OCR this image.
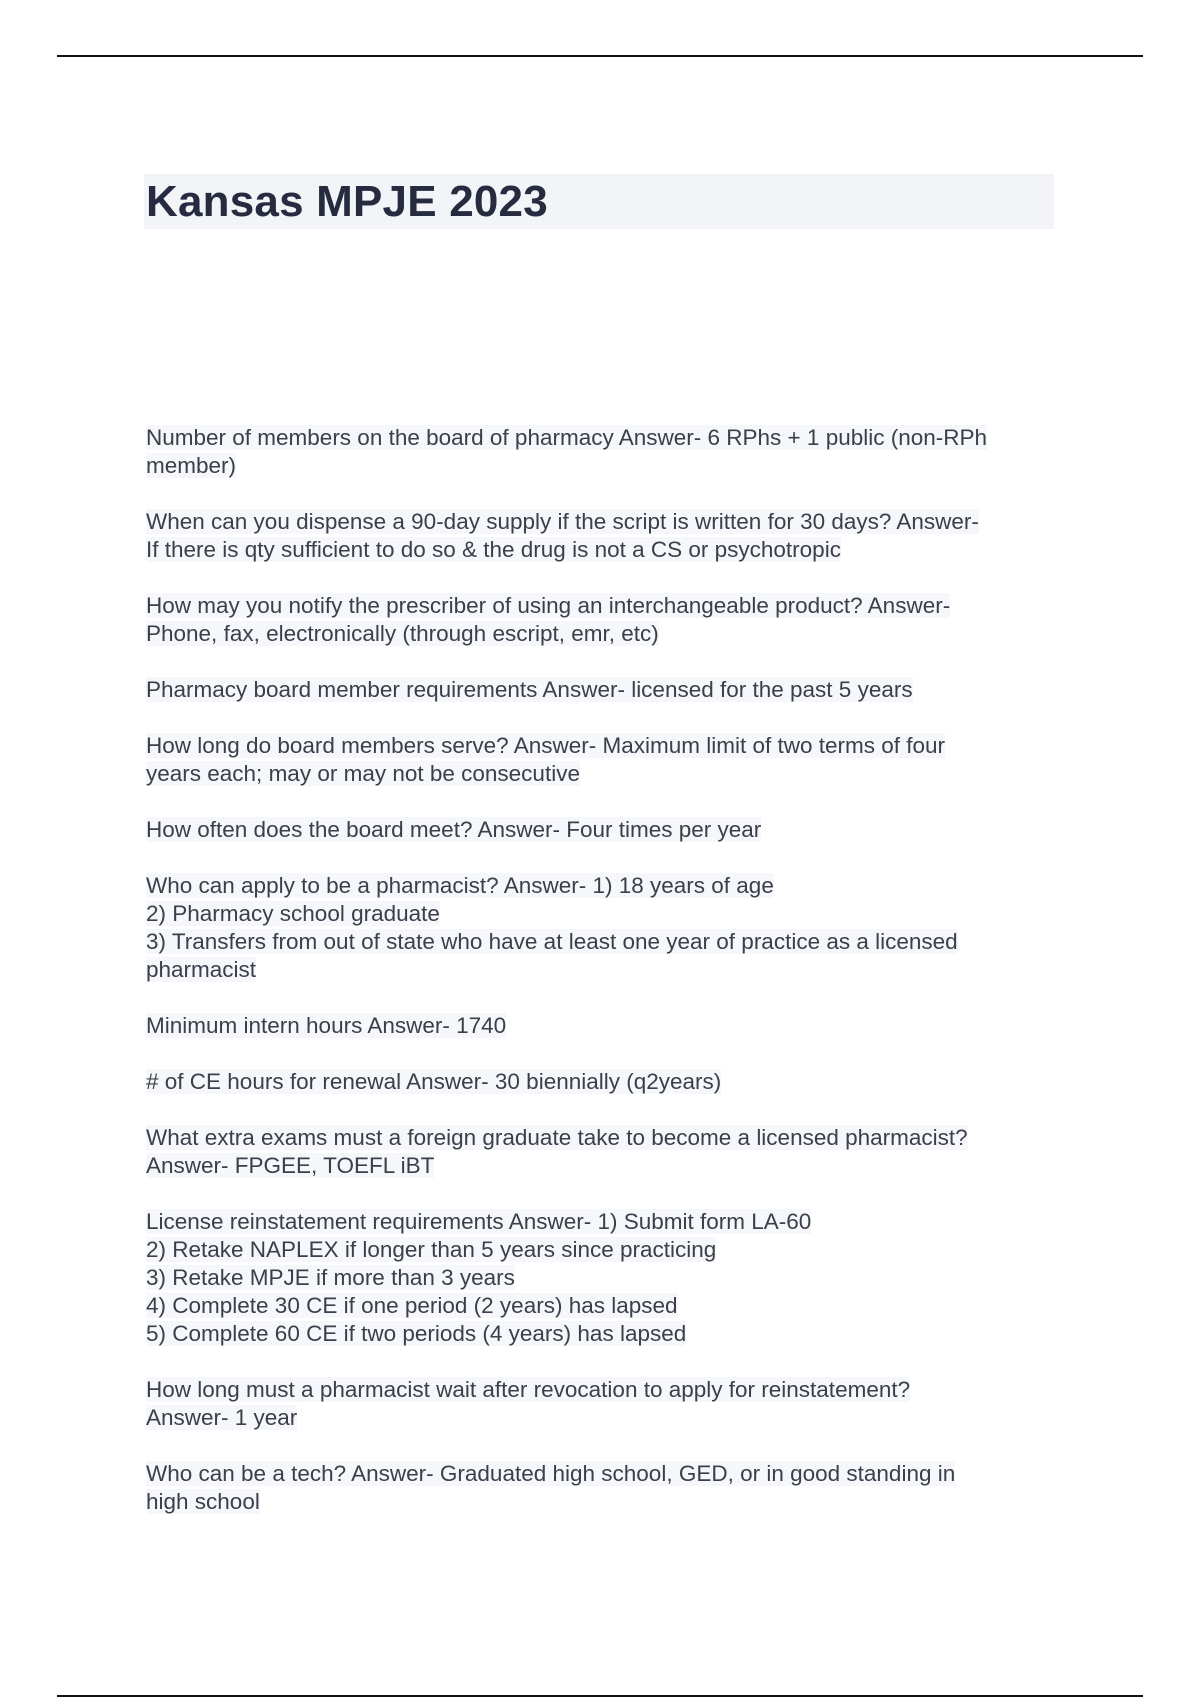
Kansas MPJE 2023
Number of members on the board of pharmacy Answer- 6 RPhs + 1 public (non-RPh
member)
When can you dispense a 90-day supply if the script is written for 30 days? Answer-
If there is qty sufficient to do so & the drug is not a CS or psychotropic
How may you notify the prescriber of using an interchangeable product? Answer-
Phone, fax, electronically (through escript, emr, etc)
Pharmacy board member requirements Answer- licensed for the past 5 years
How long do board members serve? Answer- Maximum limit of two terms of four
years each; may or may not be consecutive
How often does the board meet? Answer- Four times per year
Who can apply to be a pharmacist? Answer- 1) 18 years of age
2) Pharmacy school graduate
3) Transfers from out of state who have at least one year of practice as a licensed
pharmacist
Minimum intern hours Answer- 1740
# of CE hours for renewal Answer- 30 biennially (q2years)
What extra exams must a foreign graduate take to become a licensed pharmacist?
Answer- FPGEE, TOEFL iBT
License reinstatement requirements Answer- 1) Submit form LA-60
2) Retake NAPLEX if longer than 5 years since practicing
3) Retake MPJE if more than 3 years
4) Complete 30 CE if one period (2 years) has lapsed
5) Complete 60 CE if two periods (4 years) has lapsed
How long must a pharmacist wait after revocation to apply for reinstatement?
Answer- 1 year
Who can be a tech? Answer- Graduated high school, GED, or in good standing in
high school
